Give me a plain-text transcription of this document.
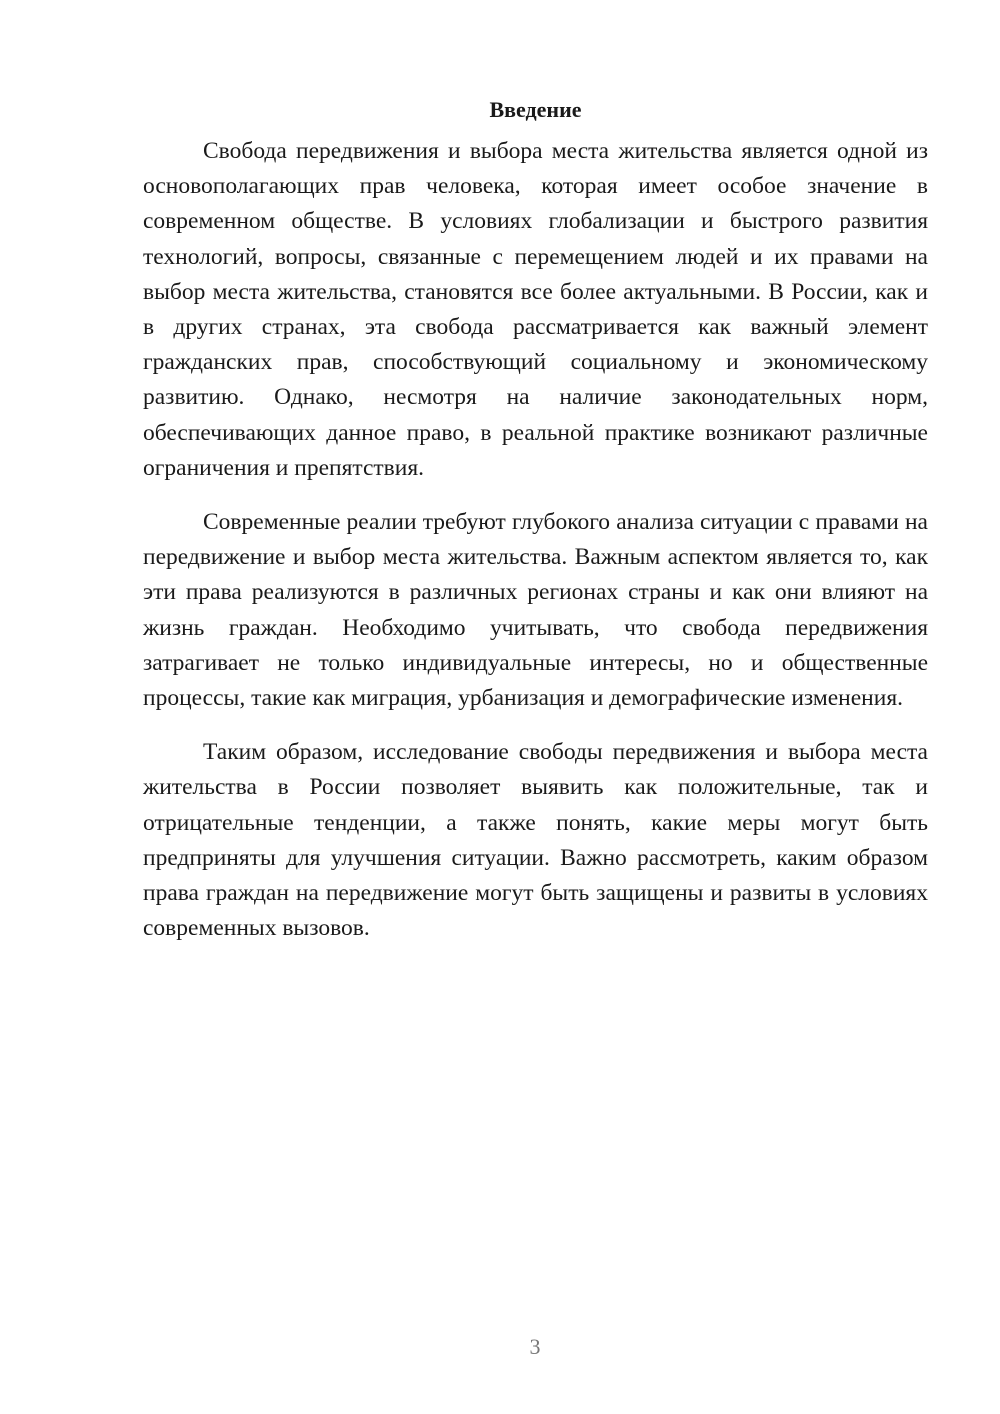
Введение

Свобода передвижения и выбора места жительства является одной из основополагающих прав человека, которая имеет особое значение в современном обществе. В условиях глобализации и быстрого развития технологий, вопросы, связанные с перемещением людей и их правами на выбор места жительства, становятся все более актуальными. В России, как и в других странах, эта свобода рассматривается как важный элемент гражданских прав, способствующий социальному и экономическому развитию. Однако, несмотря на наличие законодательных норм, обеспечивающих данное право, в реальной практике возникают различные ограничения и препятствия.

Современные реалии требуют глубокого анализа ситуации с правами на передвижение и выбор места жительства. Важным аспектом является то, как эти права реализуются в различных регионах страны и как они влияют на жизнь граждан. Необходимо учитывать, что свобода передвижения затрагивает не только индивидуальные интересы, но и общественные процессы, такие как миграция, урбанизация и демографические изменения.

Таким образом, исследование свободы передвижения и выбора места жительства в России позволяет выявить как положительные, так и отрицательные тенденции, а также понять, какие меры могут быть предприняты для улучшения ситуации. Важно рассмотреть, каким образом права граждан на передвижение могут быть защищены и развиты в условиях современных вызовов.

3
